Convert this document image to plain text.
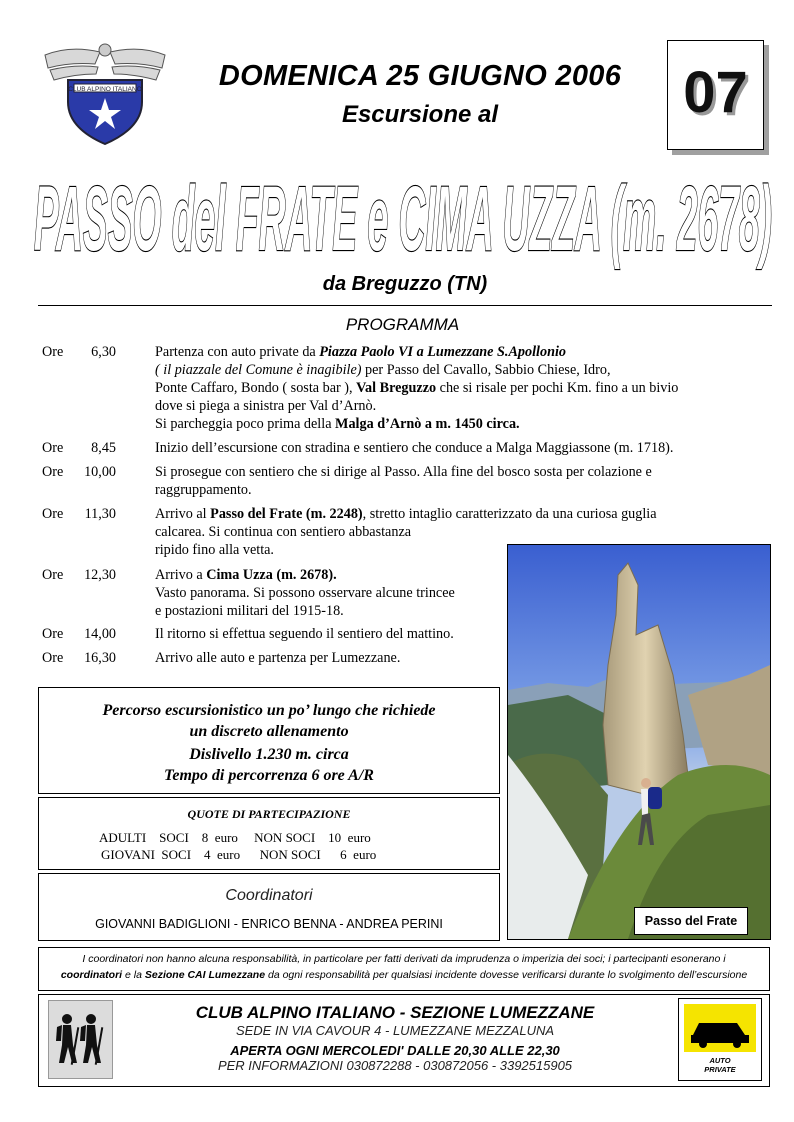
CLUB ALPINO ITALIANO	DOMENICA 25 GIUGNO 2006
Escursione al	07
PASSO del FRATE e CIMA UZZA (m. 2678)
da Breguzzo (TN)
PROGRAMMA
Ore	6,30	Partenza con auto private da Piazza Paolo VI a Lumezzane S.Apollonio
( il piazzale del Comune è inagibile) per Passo del Cavallo, Sabbio Chiese, Idro,
Ponte Caffaro, Bondo ( sosta bar ), Val Breguzzo che si risale per pochi Km. fino a un bivio
dove si piega a sinistra per Val d’Arnò.
Si parcheggia poco prima della Malga d’Arnò a m. 1450 circa.
Ore	8,45	Inizio dell’escursione con stradina e sentiero che conduce a Malga Maggiassone (m. 1718).
Ore	10,00	Si prosegue con sentiero che si dirige al Passo. Alla fine del bosco sosta per colazione e
raggruppamento.
Ore	11,30	Arrivo al Passo del Frate (m. 2248), stretto intaglio caratterizzato da una curiosa guglia
calcarea. Si continua con sentiero abbastanza
ripido fino alla vetta.
Ore	12,30	Arrivo a Cima Uzza (m. 2678).
Vasto panorama. Si possono osservare alcune trincee
e postazioni militari del 1915-18.
Ore	14,00	Il ritorno si effettua seguendo il sentiero del mattino.
Ore	16,30	Arrivo alle auto e partenza per Lumezzane.
Passo del Frate

Percorso escursionistico un po’ lungo che richiede

un discreto allenamento

Dislivello 1.230 m. circa

Tempo di percorrenza 6 ore A/R

QUOTE DI PARTECIPAZIONE
ADULTI    SOCI    8  euro     NON SOCI    10  euro
GIOVANI  SOCI    4  euro      NON SOCI      6  euro
Coordinatori
GIOVANNI BADIGLIONI - ENRICO BENNA - ANDREA PERINI
I coordinatori non hanno alcuna responsabilità, in particolare per fatti derivati da imprudenza o imperizia dei soci; i partecipanti esonerano i
coordinatori e la Sezione CAI Lumezzane da ogni responsabilità per qualsiasi incidente dovesse verificarsi durante lo svolgimento dell’escursione
CLUB ALPINO ITALIANO - SEZIONE LUMEZZANE
SEDE IN VIA CAVOUR 4 - LUMEZZANE MEZZALUNA
APERTA OGNI MERCOLEDI' DALLE 20,30 ALLE 22,30
PER INFORMAZIONI 030872288 - 030872056 - 3392515905	AUTO
PRIVATE
